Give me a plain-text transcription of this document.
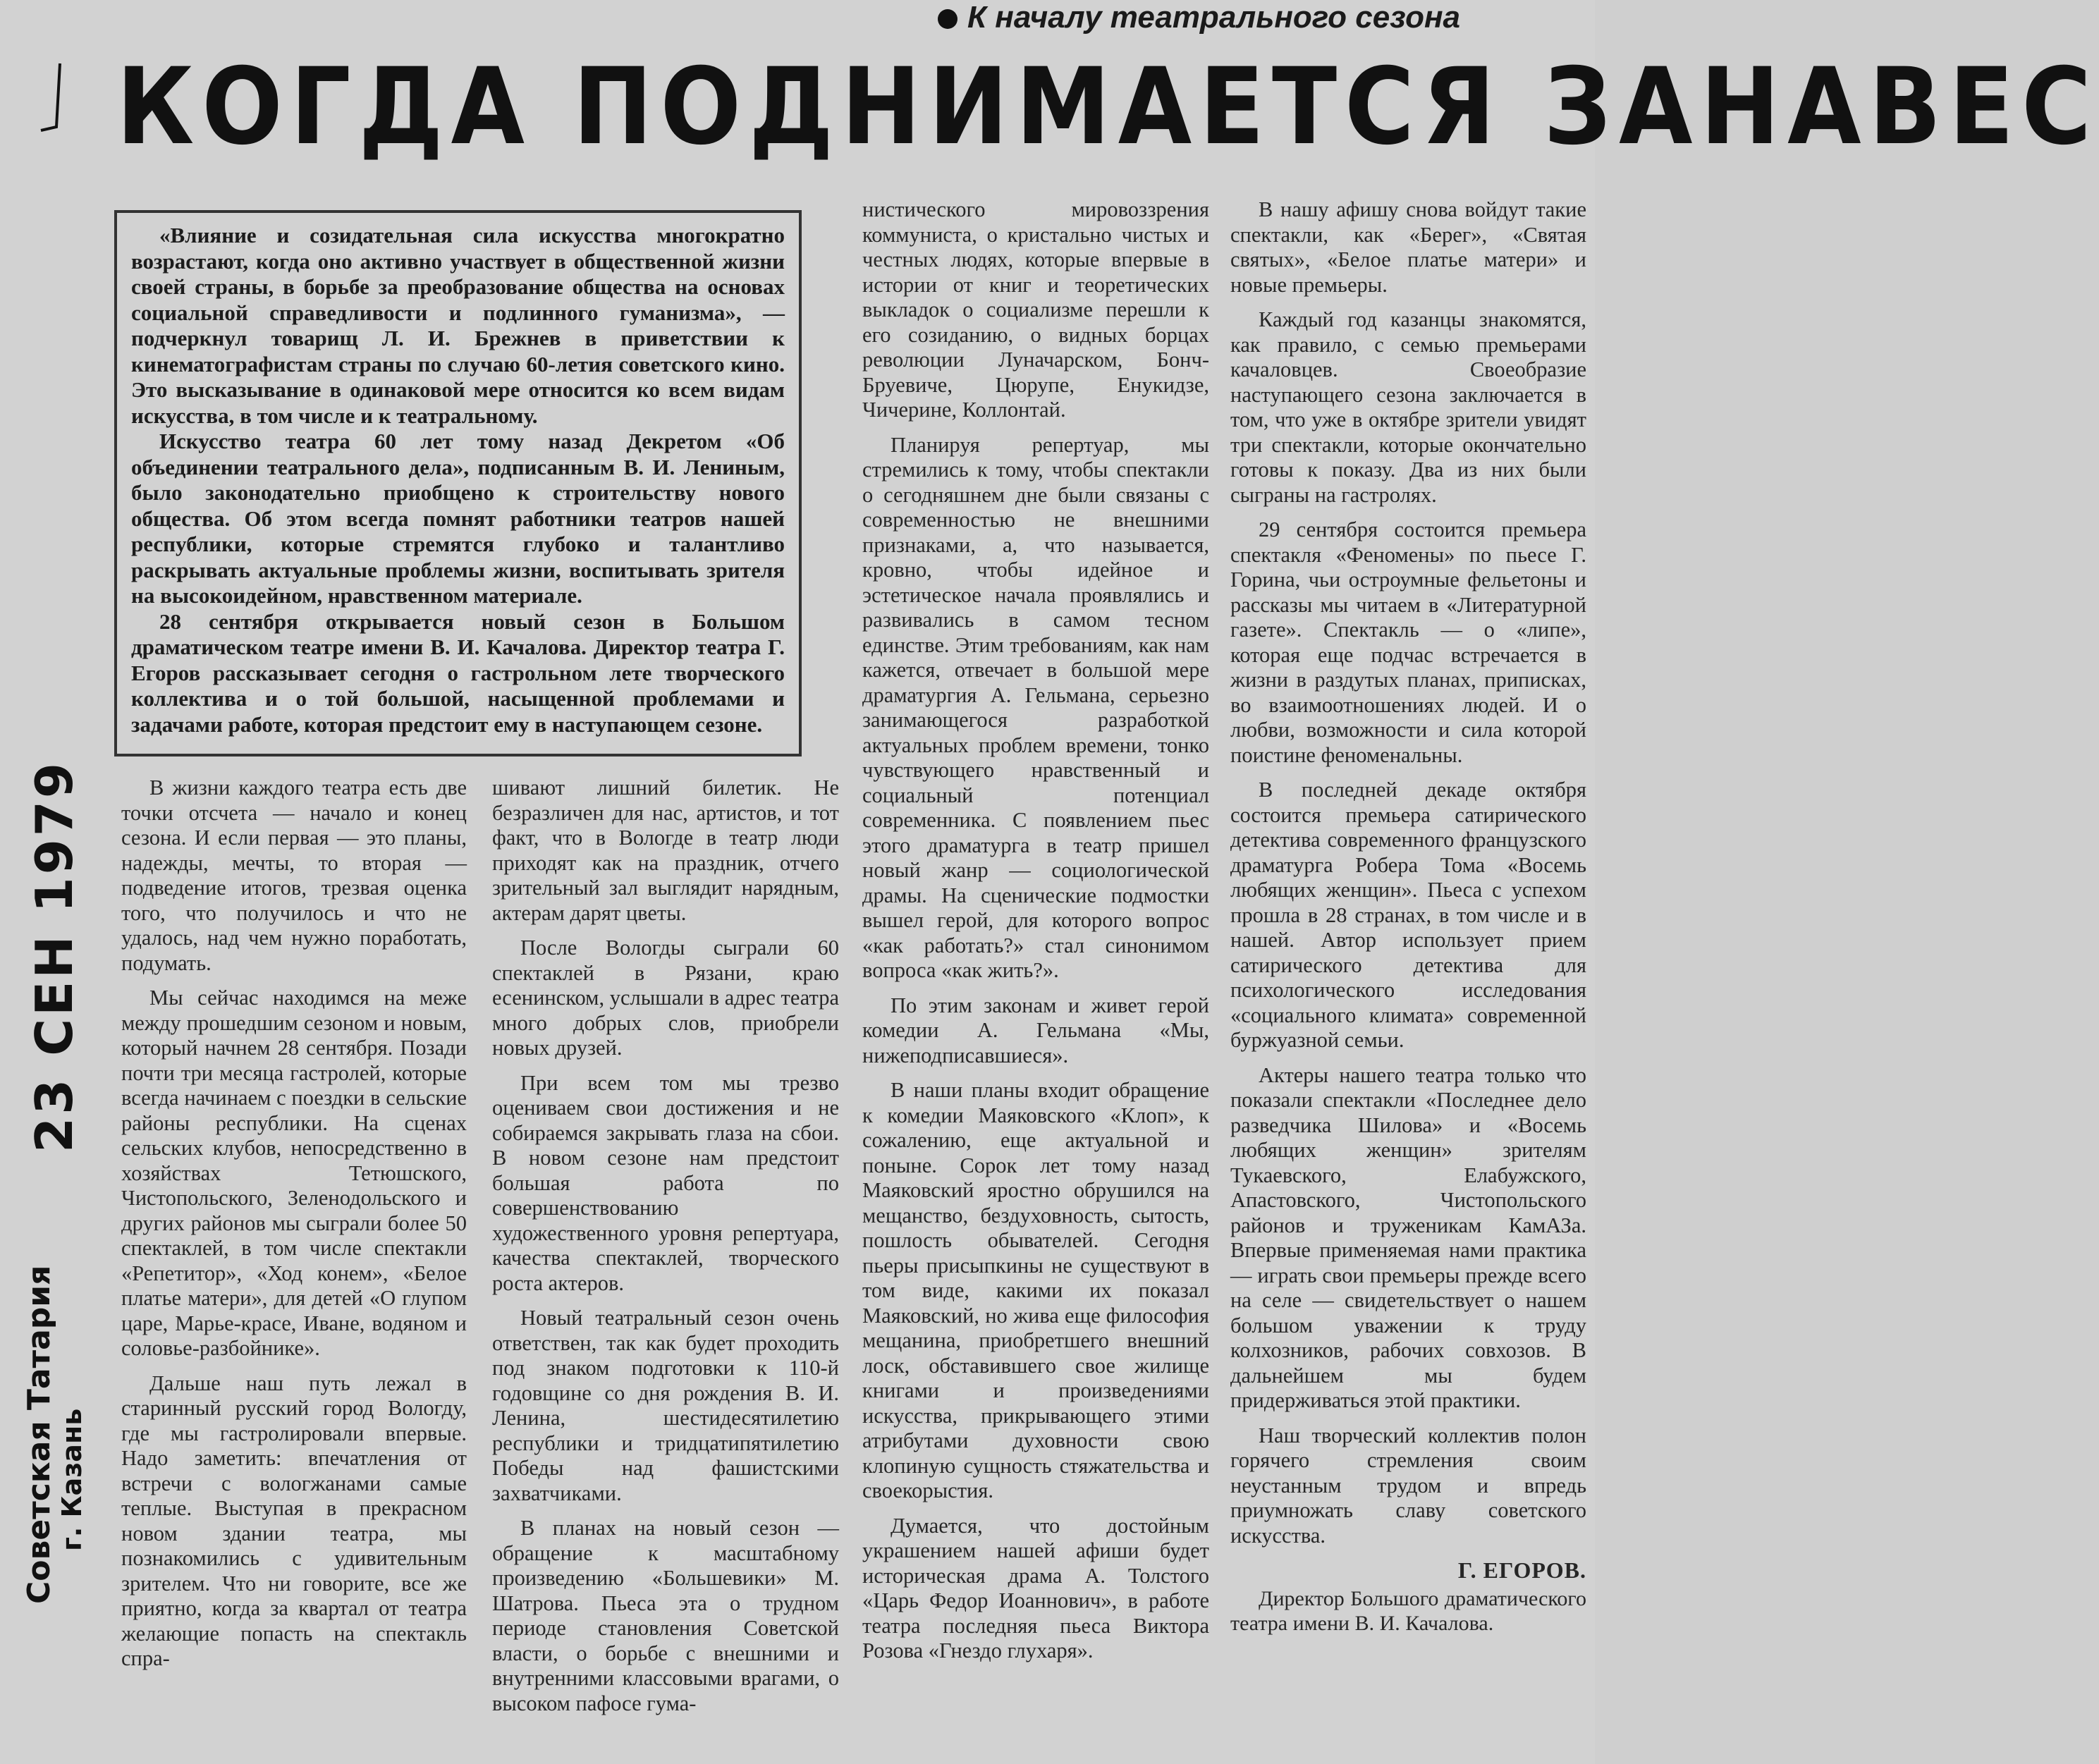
К началу театрального сезона
КОГДА ПОДНИМАЕТСЯ ЗАНАВЕС

«Влияние и созидательная сила искусства многократно возрастают, когда оно активно участвует в общественной жизни своей страны, в борьбе за преобразование общества на основах социальной справедливости и подлинного гуманизма», — подчеркнул товарищ Л. И. Брежнев в приветствии к кинематографистам страны по случаю 60-летия советского кино. Это высказывание в одинаковой мере относится ко всем видам искусства, в том числе и к театральному.

Искусство театра 60 лет тому назад Декретом «Об объединении театрального дела», подписанным В. И. Лениным, было законодательно приобщено к строительству нового общества. Об этом всегда помнят работники театров нашей республики, которые стремятся глубоко и талантливо раскрывать актуальные проблемы жизни, воспитывать зрителя на высокоидейном, нравственном материале.

28 сентября открывается новый сезон в Большом драматическом театре имени В. И. Качалова. Директор театра Г. Егоров рассказывает сегодня о гастрольном лете творческого коллектива и о той большой, насыщенной проблемами и задачами работе, которая предстоит ему в наступающем сезоне.

В жизни каждого театра есть две точки отсчета — начало и конец сезона. И если первая — это планы, надежды, мечты, то вторая — подведение итогов, трезвая оценка того, что получилось и что не удалось, над чем нужно поработать, подумать.

Мы сейчас находимся на меже между прошедшим сезоном и новым, который начнем 28 сентября. Позади почти три месяца гастролей, которые всегда начинаем с поездки в сельские районы республики. На сценах сельских клубов, непосредственно в хозяйствах Тетюшского, Чистопольского, Зеленодольского и других районов мы сыграли более 50 спектаклей, в том числе спектакли «Репетитор», «Ход конем», «Белое платье матери», для детей «О глупом царе, Марье-красе, Иване, водяном и соловье-разбойнике».

Дальше наш путь лежал в старинный русский город Вологду, где мы гастролировали впервые. Надо заметить: впечатления от встречи с вологжанами самые теплые. Выступая в прекрасном новом здании театра, мы познакомились с удивительным зрителем. Что ни говорите, все же приятно, когда за квартал от театра желающие попасть на спектакль спра-

шивают лишний билетик. Не безразличен для нас, артистов, и тот факт, что в Вологде в театр люди приходят как на праздник, отчего зрительный зал выглядит нарядным, актерам дарят цветы.

После Вологды сыграли 60 спектаклей в Рязани, краю есенинском, услышали в адрес театра много добрых слов, приобрели новых друзей.

При всем том мы трезво оцениваем свои достижения и не собираемся закрывать глаза на сбои. В новом сезоне нам предстоит большая работа по совершенствованию художественного уровня репертуара, качества спектаклей, творческого роста актеров.

Новый театральный сезон очень ответствен, так как будет проходить под знаком подготовки к 110-й годовщине со дня рождения В. И. Ленина, шестидесятилетию республики и тридцатипятилетию Победы над фашистскими захватчиками.

В планах на новый сезон — обращение к масштабному произведению «Большевики» М. Шатрова. Пьеса эта о трудном периоде становления Советской власти, о борьбе с внешними и внутренними классовыми врагами, о высоком пафосе гума-

нистического мировоззрения коммуниста, о кристально чистых и честных людях, которые впервые в истории от книг и теоретических выкладок о социализме перешли к его созиданию, о видных борцах революции Луначарском, Бонч-Бруевиче, Цюрупе, Енукидзе, Чичерине, Коллонтай.

Планируя репертуар, мы стремились к тому, чтобы спектакли о сегодняшнем дне были связаны с современностью не внешними признаками, а, что называется, кровно, чтобы идейное и эстетическое начала проявлялись и развивались в самом тесном единстве. Этим требованиям, как нам кажется, отвечает в большой мере драматургия А. Гельмана, серьезно занимающегося разработкой актуальных проблем времени, тонко чувствующего нравственный и социальный потенциал современника. С появлением пьес этого драматурга в театр пришел новый жанр — социологической драмы. На сценические подмостки вышел герой, для которого вопрос «как работать?» стал синонимом вопроса «как жить?».

По этим законам и живет герой комедии А. Гельмана «Мы, нижеподписавшиеся».

В наши планы входит обращение к комедии Маяковского «Клоп», к сожалению, еще актуальной и поныне. Сорок лет тому назад Маяковский яростно обрушился на мещанство, бездуховность, сытость, пошлость обывателей. Сегодня пьеры присыпкины не существуют в том виде, какими их показал Маяковский, но жива еще философия мещанина, приобретшего внешний лоск, обставившего свое жилище книгами и произведениями искусства, прикрывающего этими атрибутами духовности свою клопиную сущность стяжательства и своекорыстия.

Думается, что достойным украшением нашей афиши будет историческая драма А. Толстого «Царь Федор Иоаннович», в работе театра последняя пьеса Виктора Розова «Гнездо глухаря».

В нашу афишу снова войдут такие спектакли, как «Берег», «Святая святых», «Белое платье матери» и новые премьеры.

Каждый год казанцы знакомятся, как правило, с семью премьерами качаловцев. Своеобразие наступающего сезона заключается в том, что уже в октябре зрители увидят три спектакли, которые окончательно готовы к показу. Два из них были сыграны на гастролях.

29 сентября состоится премьера спектакля «Феномены» по пьесе Г. Горина, чьи остроумные фельетоны и рассказы мы читаем в «Литературной газете». Спектакль — о «липе», которая еще подчас встречается в жизни в раздутых планах, приписках, во взаимоотношениях людей. И о любви, возможности и сила которой поистине феноменальны.

В последней декаде октября состоится премьера сатирического детектива современного французского драматурга Робера Тома «Восемь любящих женщин». Пьеса с успехом прошла в 28 странах, в том числе и в нашей. Автор использует прием сатирического детектива для психологического исследования «социального климата» современной буржуазной семьи.

Актеры нашего театра только что показали спектакли «Последнее дело разведчика Шилова» и «Восемь любящих женщин» зрителям Тукаевского, Елабужского, Апастовского, Чистопольского районов и труженикам КамАЗа. Впервые применяемая нами практика — играть свои премьеры прежде всего на селе — свидетельствует о нашем большом уважении к труду колхозников, рабочих совхозов. В дальнейшем мы будем придерживаться этой практики.

Наш творческий коллектив полон горячего стремления своим неустанным трудом и впредь приумножать славу советского искусства.

Г. ЕГОРОВ.

Директор Большого драматического театра имени В. И. Качалова.

Советская Татария г. Казань
23 СЕН 1979
